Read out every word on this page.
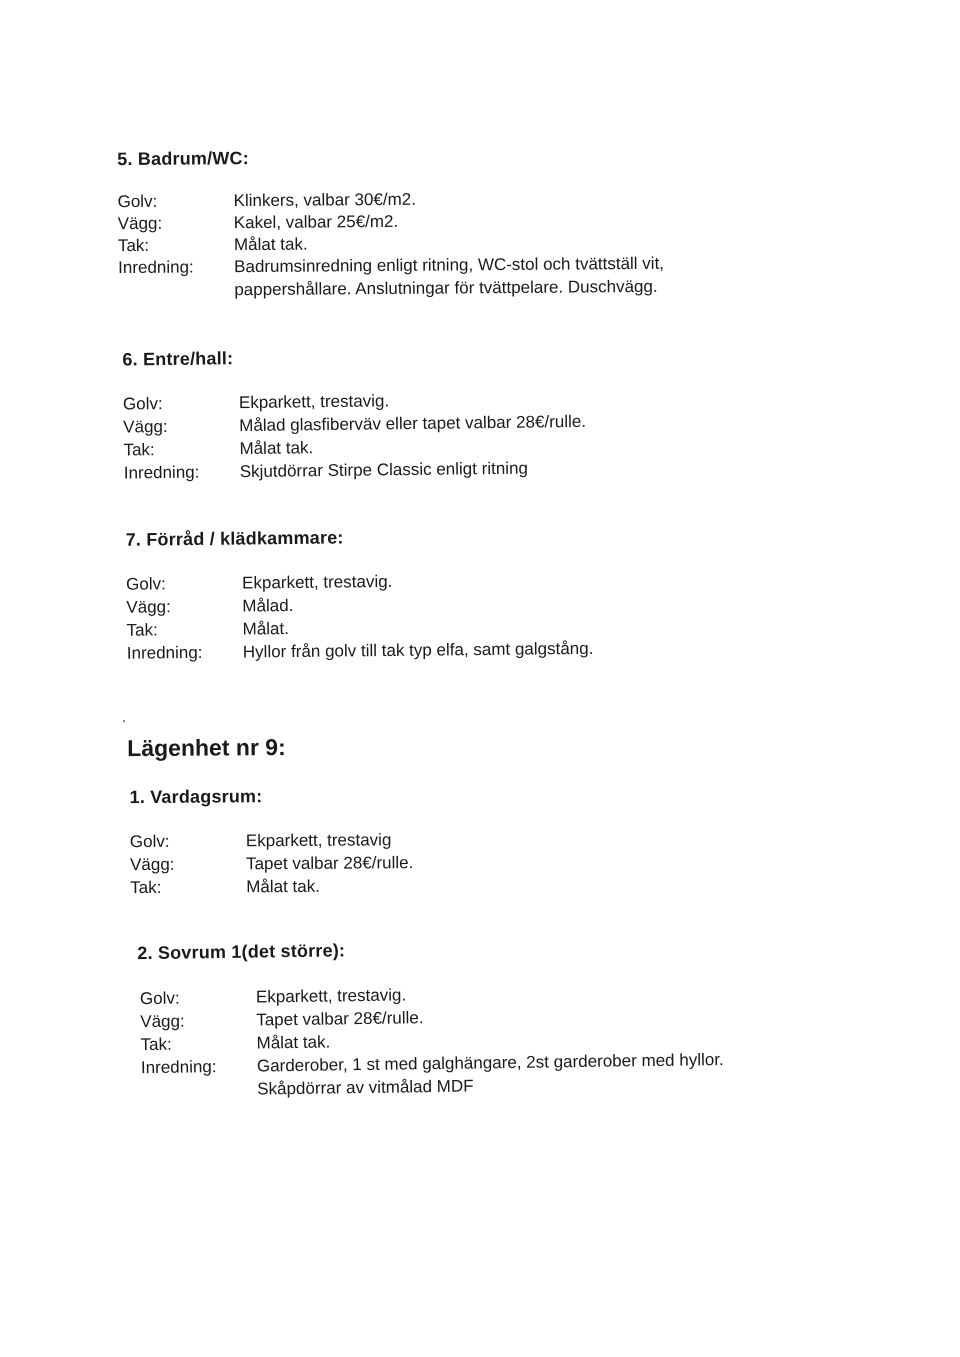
5. Badrum/WC:
Golv:	Klinkers, valbar 30€/m2.
Vägg:	Kakel, valbar 25€/m2.
Tak:	Målat tak.
Inredning: Badrumsinredning enligt ritning, WC-stol och tvättställ vit,
pappershållare. Anslutningar för tvättpelare. Duschvägg.
6. Entre/hall:
Golv:	Ekparkett, trestavig.
Vägg:	Målad glasfiberväv eller tapet valbar 28€/rulle.
Tak:	Målat tak.
Inredning: Skjutdörrar Stirpe Classic enligt ritning
7. Förråd / klädkammare:
Golv:	Ekparkett, trestavig.
Vägg:	Målad.
Tak:	Målat.
Inredning: Hyllor från golv till tak typ elfa, samt galgstång.
Lägenhet nr 9:
1. Vardagsrum:
Golv:	Ekparkett, trestavig
Vägg:	Tapet valbar 28€/rulle.
Tak:	Målat tak.
2. Sovrum 1(det större):
Golv:	Ekparkett, trestavig.
Vägg:	Tapet valbar 28€/rulle.
Tak:	Målat tak.
Inredning: Garderober, 1 st med galghängare, 2st garderober med hyllor.
Skåpdörrar av vitmålad MDF
